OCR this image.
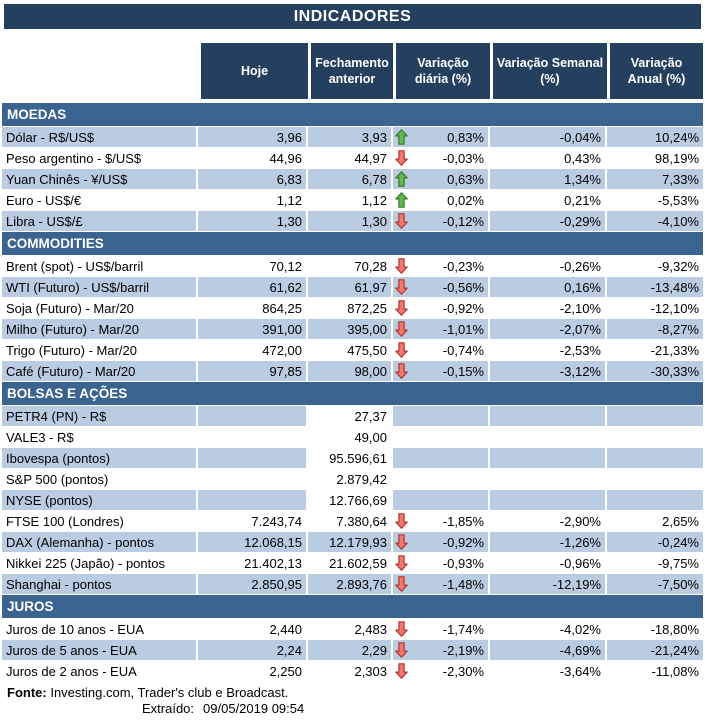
INDICADORES
	Hoje	Fechamento anterior	Variação diária (%)	Variação Semanal (%)	Variação Anual (%)

MOEDAS					
Dólar - R$/US$	3,96	3,93	0,83%	-0,04%	10,24%
Peso argentino - $/US$	44,96	44,97	-0,03%	0,43%	98,19%
Yuan Chinês - ¥/US$	6,83	6,78	0,63%	1,34%	7,33%
Euro - US$/€	1,12	1,12	0,02%	0,21%	-5,53%
Libra - US$/£	1,30	1,30	-0,12%	-0,29%	-4,10%
COMMODITIES					
Brent (spot) - US$/barril	70,12	70,28	-0,23%	-0,26%	-9,32%
WTI (Futuro) - US$/barril	61,62	61,97	-0,56%	0,16%	-13,48%
Soja (Futuro) - Mar/20	864,25	872,25	-0,92%	-2,10%	-12,10%
Milho (Futuro) - Mar/20	391,00	395,00	-1,01%	-2,07%	-8,27%
Trigo (Futuro) - Mar/20	472,00	475,50	-0,74%	-2,53%	-21,33%
Café (Futuro) - Mar/20	97,85	98,00	-0,15%	-3,12%	-30,33%
BOLSAS E AÇÕES					
PETR4 (PN) - R$		27,37	

VALE3 - R$		49,00	

Ibovespa (pontos)		95.596,61	

S&P 500 (pontos)		2.879,42	

NYSE (pontos)		12.766,69	

FTSE 100 (Londres)	7.243,74	7.380,64	-1,85%	-2,90%	2,65%
DAX (Alemanha) - pontos	12.068,15	12.179,93	-0,92%	-1,26%	-0,24%
Nikkei 225 (Japão) - pontos	21.402,13	21.602,59	-0,93%	-0,96%	-9,75%
Shanghai - pontos	2.850,95	2.893,76	-1,48%	-12,19%	-7,50%
JUROS					
Juros de 10 anos - EUA	2,440	2,483	-1,74%	-4,02%	-18,80%
Juros de 5 anos - EUA	2,24	2,29	-2,19%	-4,69%	-21,24%
Juros de 2 anos - EUA	2,250	2,303	-2,30%	-3,64%	-11,08%
Fonte: Investing.com, Trader's club e Broadcast.
Extraído: 09/05/2019 09:54
